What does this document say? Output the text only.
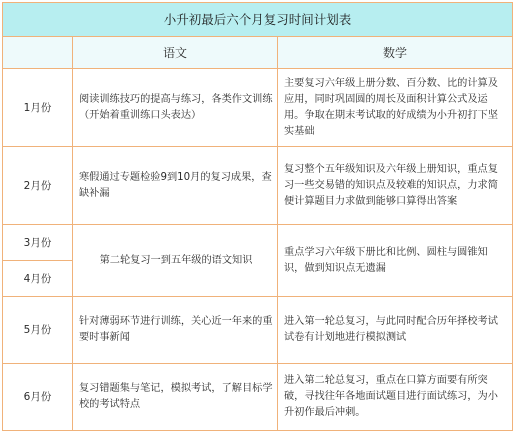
小升初最后六个月复习时间计划表		
	语文	数学
1月份	阅读训练技巧的提高与练习，各类作文训练（开始着重训练口头表达）	主要复习六年级上册分数、百分数、比的计算及应用，同时巩固圆的周长及面积计算公式及运用。争取在期末考试取的好成绩为小升初打下坚实基础
2月份	寒假通过专题检验9到10月的复习成果，查缺补漏	复习整个五年级知识及六年级上册知识，重点复习一些交易错的知识点及较难的知识点，力求简便计算题目力求做到能够口算得出答案
3月份	第二轮复习一到五年级的语文知识	重点学习六年级下册比和比例、圆柱与圆锥知识，做到知识点无遗漏
4月份		
5月份	针对薄弱环节进行训练，关心近一年来的重要时事新闻	进入第一轮总复习，与此同时配合历年择校考试试卷有计划地进行模拟测试
6月份	复习错题集与笔记，模拟考试，了解目标学校的考试特点	进入第二轮总复习，重点在口算方面要有所突破，寻找往年各地面试题目进行面试练习，为小升初作最后冲刺。
